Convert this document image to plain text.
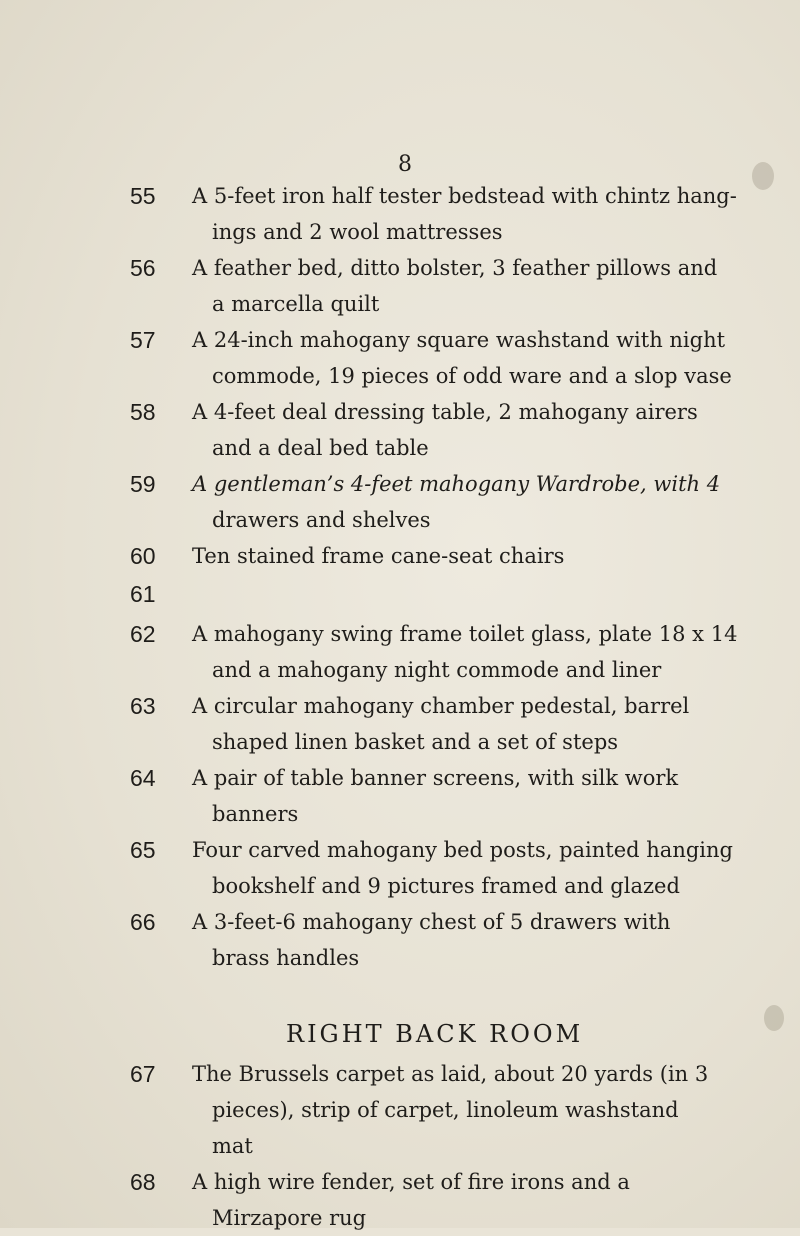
8
55	A 5-feet iron half tester bedstead with chintz hang-
ings and 2 wool mattresses
56	A feather bed, ditto bolster, 3 feather pillows and
a marcella quilt
57	A 24-inch mahogany square washstand with night
commode, 19 pieces of odd ware and a slop vase
58	A 4-feet deal dressing table, 2 mahogany airers
and a deal bed table
59	A gentleman’s 4-feet mahogany Wardrobe, with 4
drawers and shelves
60	Ten stained frame cane-seat chairs
61
62	A mahogany swing frame toilet glass, plate 18 x 14
and a mahogany night commode and liner
63	A circular mahogany chamber pedestal, barrel
shaped linen basket and a set of steps
64	A pair of table banner screens, with silk work
banners
65	Four carved mahogany bed posts, painted hanging
bookshelf and 9 pictures framed and glazed
66	A 3-feet-6 mahogany chest of 5 drawers with
brass handles
RIGHT BACK ROOM
67	The Brussels carpet as laid, about 20 yards (in 3
pieces), strip of carpet, linoleum washstand
mat
68	A high wire fender, set of fire irons and a
Mirzapore rug
